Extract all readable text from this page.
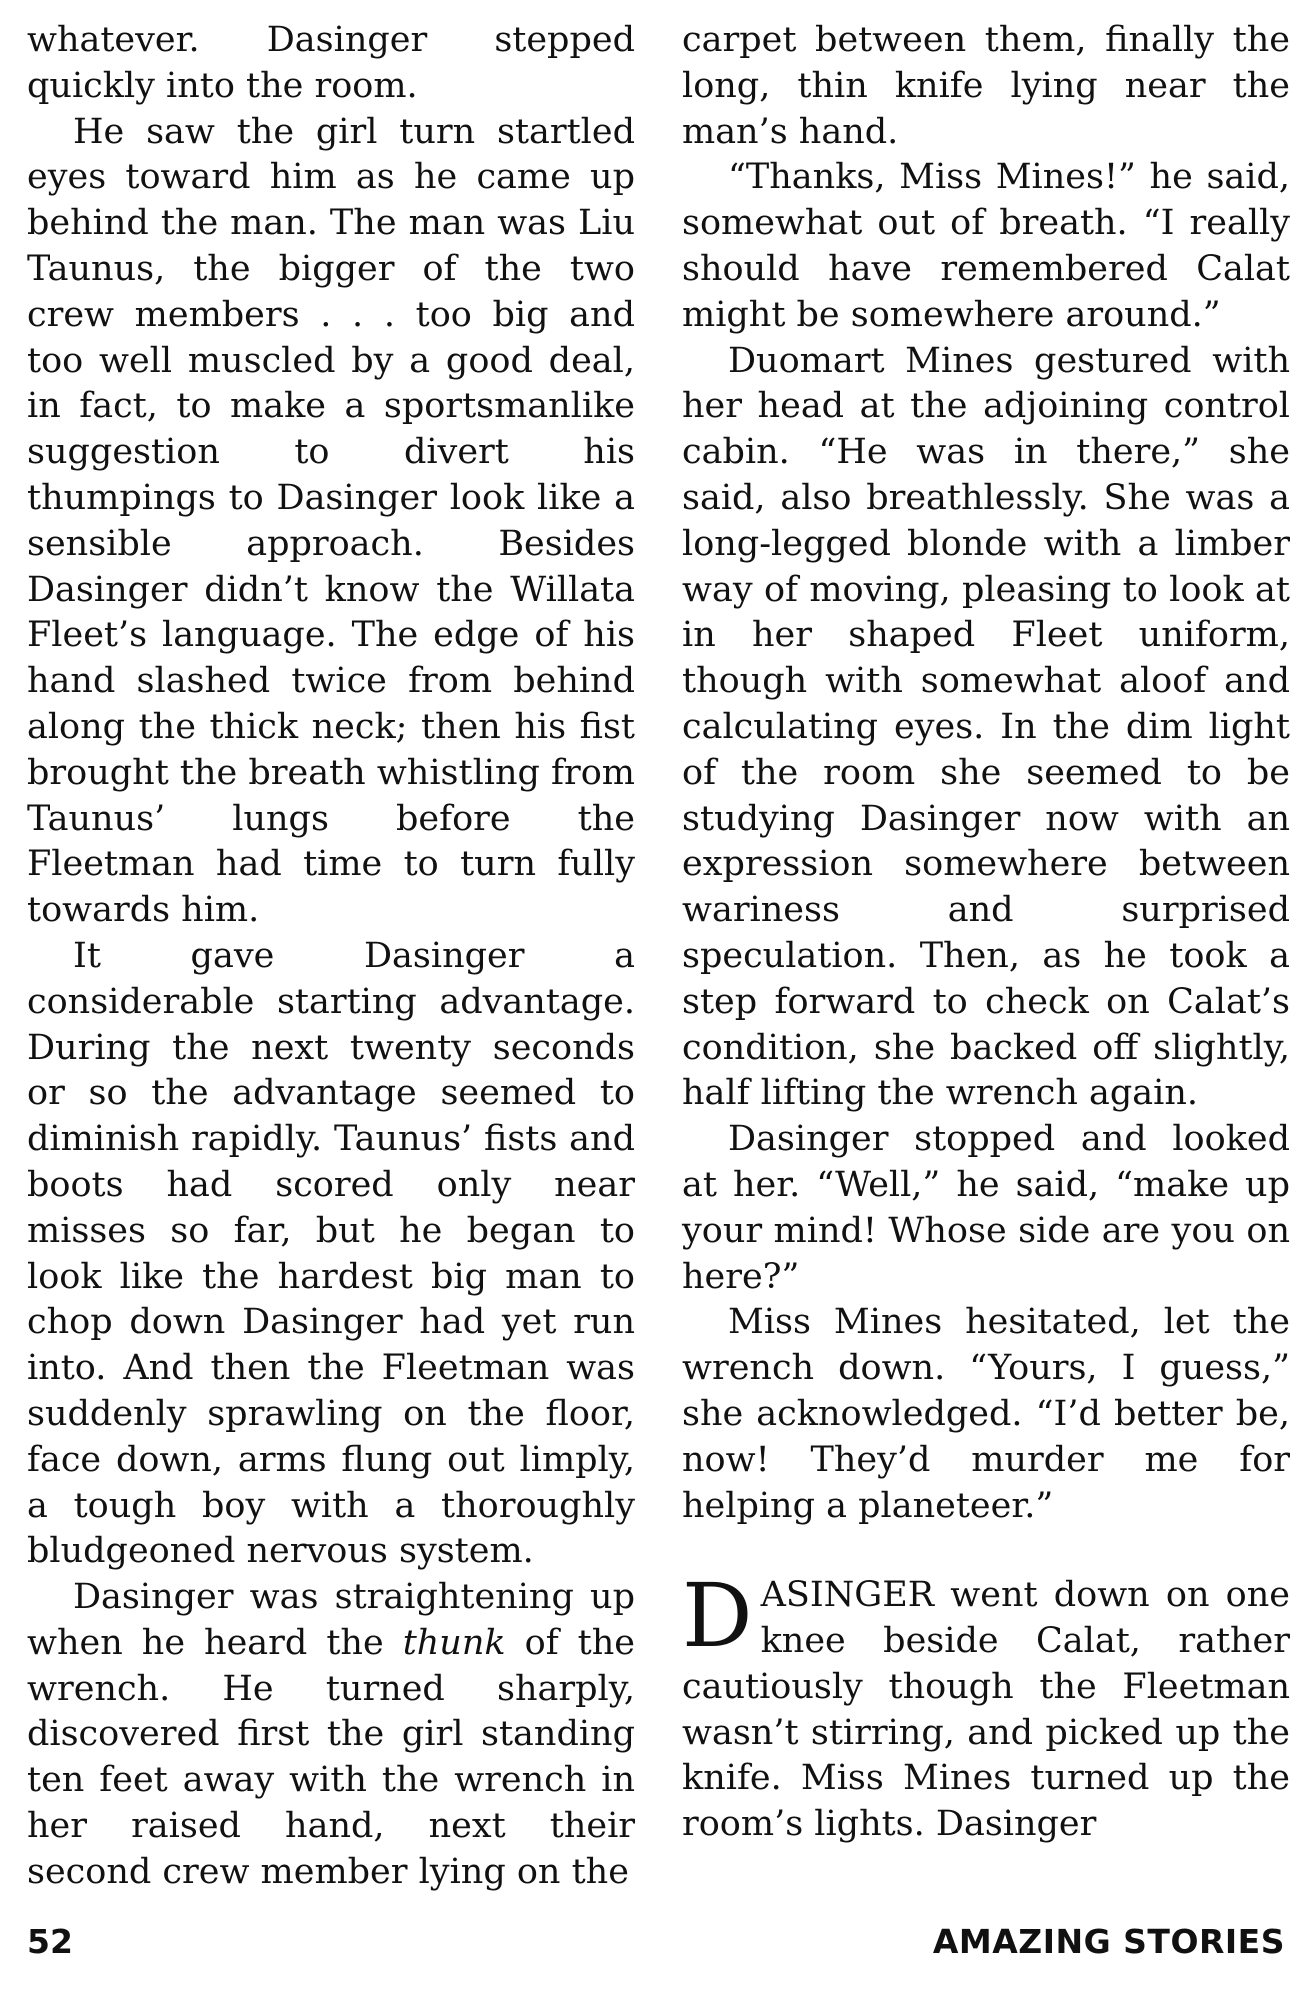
whatever. Dasinger stepped quickly into the room.

He saw the girl turn startled eyes toward him as he came up behind the man. The man was Liu Taunus, the bigger of the two crew members . . . too big and too well muscled by a good deal, in fact, to make a sportsmanlike suggestion to divert his thumpings to Dasinger look like a sensible approach. Besides Dasinger didn’t know the Willata Fleet’s language. The edge of his hand slashed twice from behind along the thick neck; then his fist brought the breath whistling from Taunus’ lungs before the Fleetman had time to turn fully towards him.

It gave Dasinger a considerable starting advantage. During the next twenty seconds or so the advantage seemed to diminish rapidly. Taunus’ fists and boots had scored only near misses so far, but he began to look like the hardest big man to chop down Dasinger had yet run into. And then the Fleetman was suddenly sprawling on the floor, face down, arms flung out limply, a tough boy with a thoroughly bludgeoned nervous system.

Dasinger was straightening up when he heard the thunk of the wrench. He turned sharply, discovered first the girl standing ten feet away with the wrench in her raised hand, next their second crew member lying on the

carpet between them, finally the long, thin knife lying near the man’s hand.

“Thanks, Miss Mines!” he said, somewhat out of breath. “I really should have remembered Calat might be somewhere around.”

Duomart Mines gestured with her head at the adjoining control cabin. “He was in there,” she said, also breathlessly. She was a long-legged blonde with a limber way of moving, pleasing to look at in her shaped Fleet uniform, though with somewhat aloof and calculating eyes. In the dim light of the room she seemed to be studying Dasinger now with an expression somewhere between wariness and surprised speculation. Then, as he took a step forward to check on Calat’s condition, she backed off slightly, half lifting the wrench again.

Dasinger stopped and looked at her. “Well,” he said, “make up your mind! Whose side are you on here?”

Miss Mines hesitated, let the wrench down. “Yours, I guess,” she acknowledged. “I’d better be, now! They’d murder me for helping a planeteer.”

DASINGER went down on one knee beside Calat, rather cautiously though the Fleetman wasn’t stirring, and picked up the knife. Miss Mines turned up the room’s lights. Dasinger

52	AMAZING STORIES
